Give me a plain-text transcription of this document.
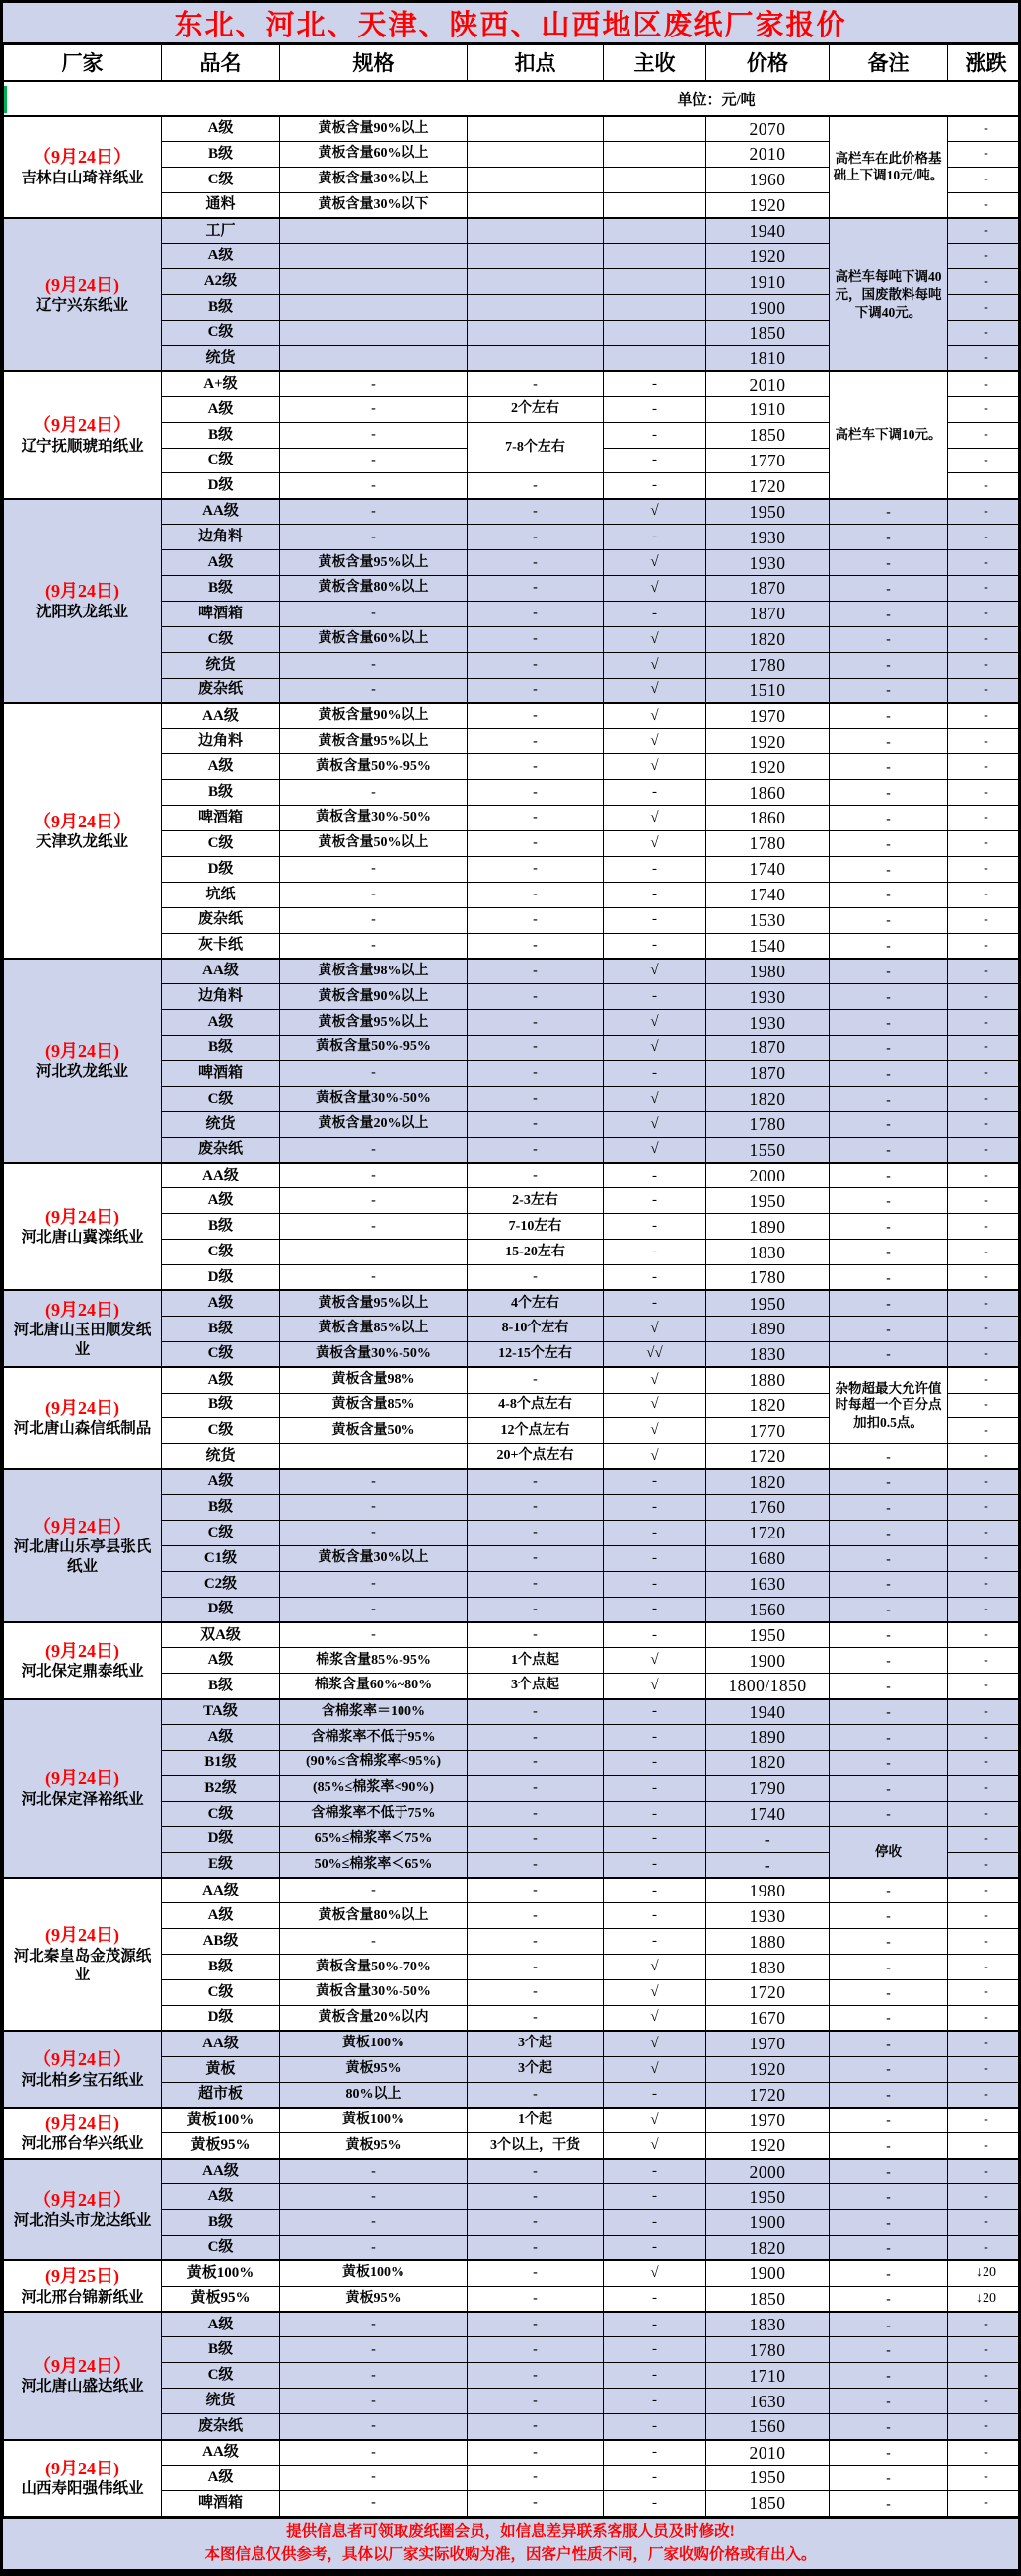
东北、河北、天津、陕西、山西地区废纸厂家报价
厂家	品名	规格	扣点	主收	价格	备注	涨跌

单位：元/吨							

（9月24日）
吉林白山琦祥纸业	A级	黄板含量90%以上			2070	高栏车在此价格基础上下调10元/吨。	-
	B级	黄板含量60%以上			2010		-
	C级	黄板含量30%以上			1960		-
	通料	黄板含量30%以下			1920		-

(9月24日)
辽宁兴东纸业	工厂				1940	高栏车每吨下调40元，国废散料每吨下调40元。	-
	A级				1920		-
	A2级				1910		-
	B级				1900		-
	C级				1850		-
	统货				1810		-

（9月24日）
辽宁抚顺琥珀纸业	A+级	-	-	-	2010	高栏车下调10元。	-
	A级	-	2个左右	-	1910		-
	B级	-	7-8个左右	-	1850		-
	C级	-		-	1770		-
	D级	-	-	-	1720		-

(9月24日)
沈阳玖龙纸业	AA级	-	-	√	1950	-	-
	边角料	-	-	-	1930	-	-
	A级	黄板含量95%以上	-	√	1930	-	-
	B级	黄板含量80%以上	-	√	1870	-	-
	啤酒箱	-	-	-	1870	-	-
	C级	黄板含量60%以上	-	√	1820	-	-
	统货	-	-	√	1780	-	-
	废杂纸	-	-	√	1510	-	-

（9月24日）
天津玖龙纸业	AA级	黄板含量90%以上	-	√	1970	-	-
	边角料	黄板含量95%以上	-	√	1920	-	-
	A级	黄板含量50%-95%	-	√	1920	-	-
	B级	-	-	-	1860	-	-
	啤酒箱	黄板含量30%-50%	-	√	1860	-	-
	C级	黄板含量50%以上	-	√	1780	-	-
	D级	-	-	-	1740	-	-
	坑纸	-	-	-	1740	-	-
	废杂纸	-	-	-	1530	-	-
	灰卡纸	-	-	-	1540	-	-

(9月24日)
河北玖龙纸业	AA级	黄板含量98%以上	-	√	1980	-	-
	边角料	黄板含量90%以上	-	-	1930	-	-
	A级	黄板含量95%以上	-	√	1930	-	-
	B级	黄板含量50%-95%	-	√	1870	-	-
	啤酒箱	-	-	-	1870	-	-
	C级	黄板含量30%-50%	-	√	1820	-	-
	统货	黄板含量20%以上	-	√	1780	-	-
	废杂纸	-	-	√	1550	-	-

(9月24日)
河北唐山冀滦纸业	AA级	-	-	-	2000	-	-
	A级	-	2-3左右	-	1950	-	-
	B级	-	7-10左右	-	1890	-	-
	C级		15-20左右	-	1830	-	-
	D级	-	-	-	1780	-	-

(9月24日)
河北唐山玉田顺发纸业	A级	黄板含量95%以上	4个左右	-	1950	-	-
	B级	黄板含量85%以上	8-10个左右	√	1890	-	-
	C级	黄板含量30%-50%	12-15个左右	√√	1830	-	-

(9月24日)
河北唐山森信纸制品	A级	黄板含量98%	-	√	1880	杂物超最大允许值时每超一个百分点加扣0.5点。	-
	B级	黄板含量85%	4-8个点左右	√	1820		-
	C级	黄板含量50%	12个点左右	√	1770		-
	统货		20+个点左右	√	1720	-	-

（9月24日）
河北唐山乐亭县张氏纸业	A级	-	-	-	1820	-	-
	B级	-	-	-	1760	-	-
	C级	-	-	-	1720	-	-
	C1级	黄板含量30%以上	-	-	1680	-	-
	C2级	-	-	-	1630	-	-
	D级	-	-	-	1560	-	-

(9月24日)
河北保定鼎泰纸业	双A级	-	-	-	1950	-	-
	A级	棉浆含量85%-95%	1个点起	√	1900	-	-
	B级	棉浆含量60%~80%	3个点起	√	1800/1850	-	-

(9月24日)
河北保定泽裕纸业	TA级	含棉浆率＝100%	-	-	1940	-	-
	A级	含棉浆率不低于95%	-	-	1890	-	-
	B1级	(90%≤含棉浆率<95%)	-	-	1820	-	-
	B2级	(85%≤棉浆率<90%)	-	-	1790	-	-
	C级	含棉浆率不低于75%	-	-	1740	-	-
	D级	65%≤棉浆率＜75%	-	-	-	停收	-
	E级	50%≤棉浆率＜65%	-	-	-		-

(9月24日)
河北秦皇岛金茂源纸业	AA级	-	-	-	1980	-	-
	A级	黄板含量80%以上	-	-	1930	-	-
	AB级	-	-	-	1880	-	-
	B级	黄板含量50%-70%	-	√	1830	-	-
	C级	黄板含量30%-50%	-	√	1720	-	-
	D级	黄板含量20%以内	-	√	1670	-	-

（9月24日）
河北柏乡宝石纸业	AA级	黄板100%	3个起	√	1970	-	-
	黄板	黄板95%	3个起	√	1920	-	-
	超市板	80%以上	-	-	1720	-	-

(9月24日)
河北邢台华兴纸业	黄板100%	黄板100%	1个起	√	1970	-	-
	黄板95%	黄板95%	3个以上，干货	√	1920	-	-

（9月24日）
河北泊头市龙达纸业	AA级	-	-	-	2000	-	-
	A级	-	-	-	1950	-	-
	B级	-	-	-	1900	-	-
	C级	-	-	-	1820	-	-

(9月25日)
河北邢台锦新纸业	黄板100%	黄板100%	-	√	1900	-	↓20
	黄板95%	黄板95%	-	-	1850	-	↓20

（9月24日）
河北唐山盛达纸业	A级	-	-	-	1830	-	-
	B级	-	-	-	1780	-	-
	C级	-	-	-	1710	-	-
	统货	-	-	-	1630	-	-
	废杂纸	-	-	-	1560	-	-

(9月24日)
山西寿阳强伟纸业	AA级	-	-	-	2010	-	-
	A级	-	-	-	1950	-	-
	啤酒箱	-	-	-	1850	-	-
提供信息者可领取废纸圈会员，如信息差异联系客服人员及时修改!
本图信息仅供参考，具体以厂家实际收购为准，因客户性质不同，厂家收购价格或有出入。
